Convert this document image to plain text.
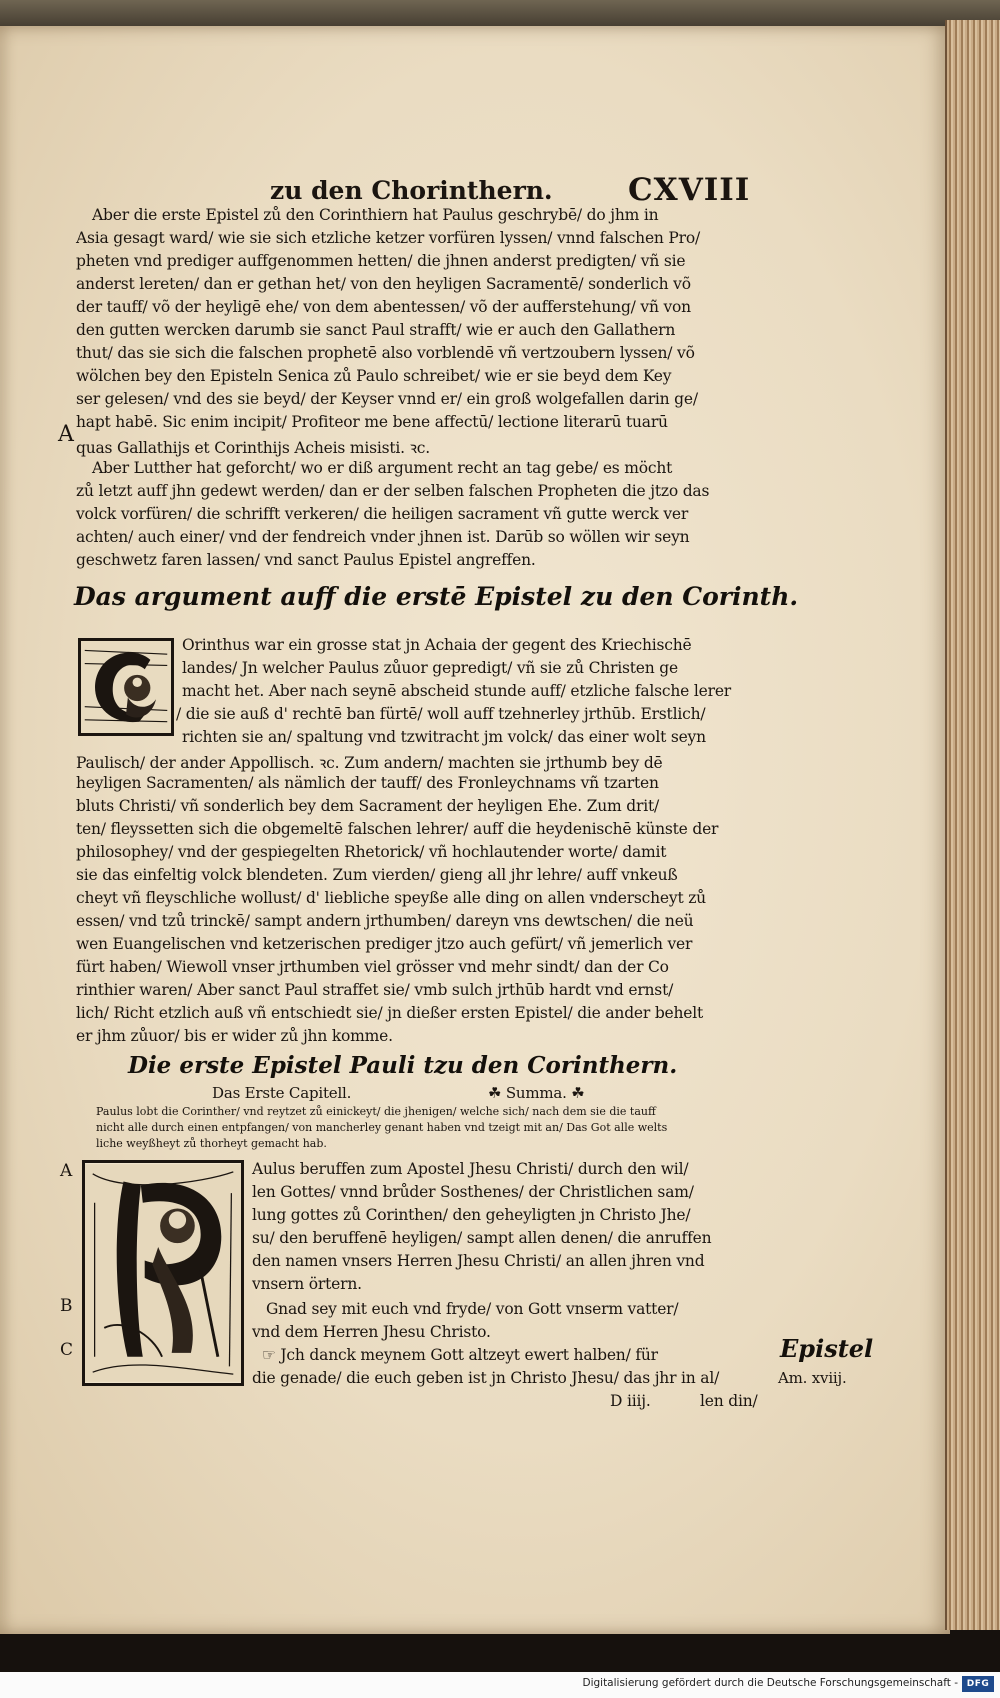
zu den Chorinthern. CXVIII
Aber die erste Epistel zů den Corinthiern hat Paulus geschrybē/ do jhm in
Asia gesagt ward/ wie sie sich etzliche ketzer vorfüren lyssen/ vnnd falschen Pro/
pheten vnd prediger auffgenommen hetten/ die jhnen anderst predigten/ vñ sie
anderst lereten/ dan er gethan het/ von den heyligen Sacramentē/ sonderlich võ
der tauff/ võ der heyligē ehe/ von dem abentessen/ võ der aufferstehung/ vñ von
den gutten wercken darumb sie sanct Paul strafft/ wie er auch den Gallathern
thut/ das sie sich die falschen prophetē also vorblendē vñ vertzoubern lyssen/ võ
wölchen bey den Episteln Senica zů Paulo schreibet/ wie er sie beyd dem Key
ser gelesen/ vnd des sie beyd/ der Keyser vnnd er/ ein groß wolgefallen darin ge/
hapt habē. Sic enim incipit/ Profiteor me bene affectū/ lectione literarū tuarū
quas Gallathijs et Corinthijs Acheis misisti. ꝛc.
A
Aber Lutther hat geforcht/ wo er diß argument recht an tag gebe/ es möcht
zů letzt auff jhn gedewt werden/ dan er der selben falschen Propheten die jtzo das
volck vorfüren/ die schrifft verkeren/ die heiligen sacrament vñ gutte werck ver
achten/ auch einer/ vnd der fendreich vnder jhnen ist. Darūb so wöllen wir seyn
geschwetz faren lassen/ vnd sanct Paulus Epistel angreffen.
Das argument auff die erstē Epistel zu den Corinth.
Orinthus war ein grosse stat jn Achaia der gegent des Kriechischē
landes/ Jn welcher Paulus zůuor gepredigt/ vñ sie zů Christen ge
macht het. Aber nach seynē abscheid stunde auff/ etzliche falsche lerer
/ die sie auß d' rechtē ban fürtē/ woll auff tzehnerley jrthūb. Erstlich/
richten sie an/ spaltung vnd tzwitracht jm volck/ das einer wolt seyn
Paulisch/ der ander Appollisch. ꝛc. Zum andern/ machten sie jrthumb bey dē
heyligen Sacramenten/ als nämlich der tauff/ des Fronleychnams vñ tzarten
bluts Christi/ vñ sonderlich bey dem Sacrament der heyligen Ehe. Zum drit/
ten/ fleyssetten sich die obgemeltē falschen lehrer/ auff die heydenischē künste der
philosophey/ vnd der gespiegelten Rhetorick/ vñ hochlautender worte/ damit
sie das einfeltig volck blendeten. Zum vierden/ gieng all jhr lehre/ auff vnkeuß
cheyt vñ fleyschliche wollust/ d' liebliche speyße alle ding on allen vnderscheyt zů
essen/ vnd tzů trinckē/ sampt andern jrthumben/ dareyn vns dewtschen/ die neü
wen Euangelischen vnd ketzerischen prediger jtzo auch gefürt/ vñ jemerlich ver
fürt haben/ Wiewoll vnser jrthumben viel grösser vnd mehr sindt/ dan der Co
rinthier waren/ Aber sanct Paul straffet sie/ vmb sulch jrthūb hardt vnd ernst/
lich/ Richt etzlich auß vñ entschiedt sie/ jn dießer ersten Epistel/ die ander behelt
er jhm zůuor/ bis er wider zů jhn komme.
Die erste Epistel Pauli tzu den Corinthern.
Das Erste Capitell.	☘ Summa. ☘
Paulus lobt die Corinther/ vnd reytzet zů einickeyt/ die jhenigen/ welche sich/ nach dem sie die tauff
nicht alle durch einen entpfangen/ von mancherley genant haben vnd tzeigt mit an/ Das Got alle welts
liche weyßheyt zů thorheyt gemacht hab.
A
B
C
Aulus beruffen zum Apostel Jhesu Christi/ durch den wil/
len Gottes/ vnnd brůder Sosthenes/ der Christlichen sam/
lung gottes zů Corinthen/ den geheyligten jn Christo Jhe/
su/ den beruffenē heyligen/ sampt allen denen/ die anruffen
den namen vnsers Herren Jhesu Christi/ an allen jhren vnd
vnsern örtern.
Gnad sey mit euch vnd fryde/ von Gott vnserm vatter/
vnd dem Herren Jhesu Christo.
☞ Jch danck meynem Gott altzeyt ewert halben/ für
die genade/ die euch geben ist jn Christo Jhesu/ das jhr in al/
D iiij.	len din/
Epistel
Am. xviij.
Digitalisierung gefördert durch die Deutsche Forschungsgemeinschaft - DFG
